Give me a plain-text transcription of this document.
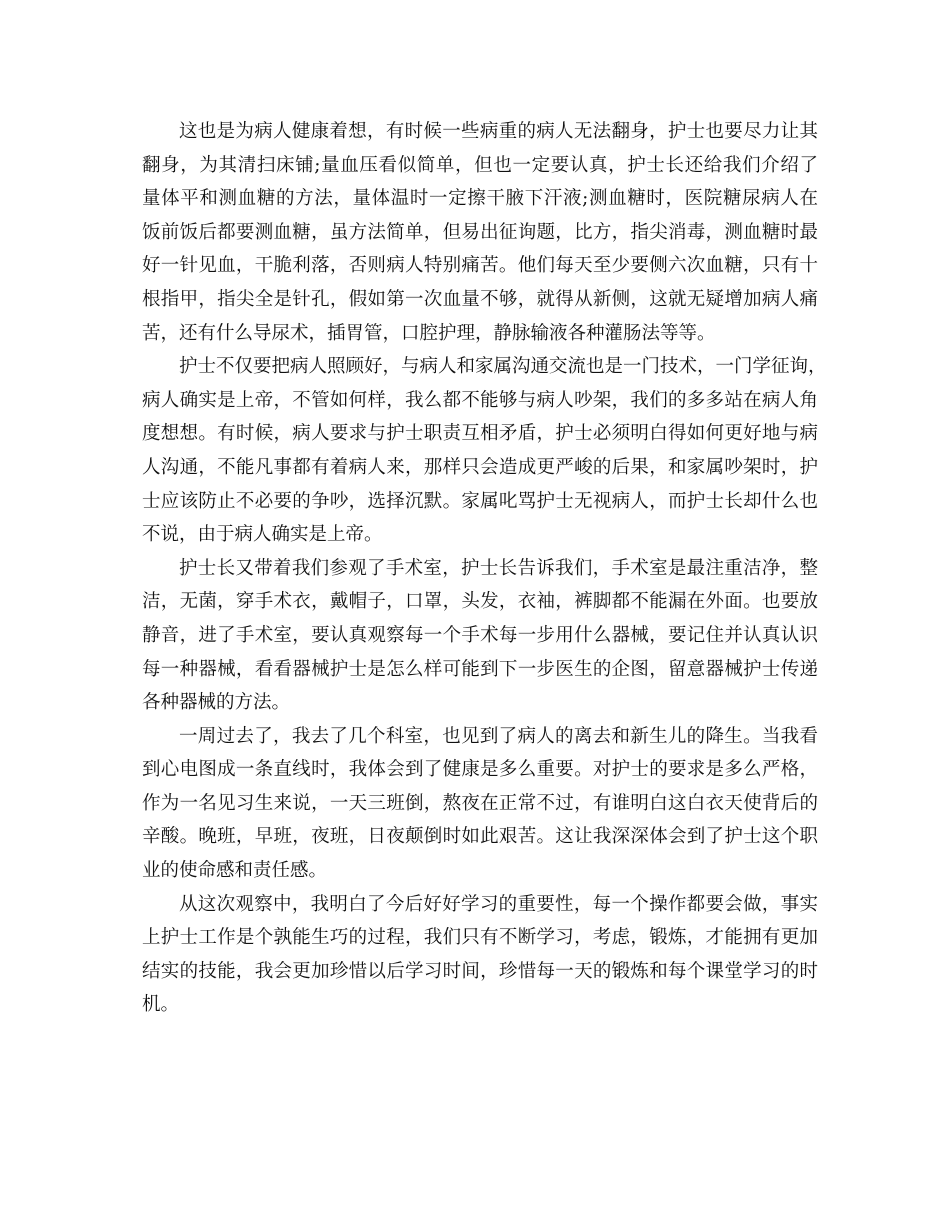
这也是为病人健康着想，有时候一些病重的病人无法翻身，护士也要尽力让其
翻身，为其清扫床铺;量血压看似简单，但也一定要认真，护士长还给我们介绍了
量体平和测血糖的方法，量体温时一定擦干腋下汗液;测血糖时，医院糖尿病人在
饭前饭后都要测血糖，虽方法简单，但易出征询题，比方，指尖消毒，测血糖时最
好一针见血，干脆利落，否则病人特别痛苦。他们每天至少要侧六次血糖，只有十
根指甲，指尖全是针孔，假如第一次血量不够，就得从新侧，这就无疑增加病人痛
苦，还有什么导尿术，插胃管，口腔护理，静脉输液各种灌肠法等等。
护士不仅要把病人照顾好，与病人和家属沟通交流也是一门技术，一门学征询，
病人确实是上帝，不管如何样，我么都不能够与病人吵架，我们的多多站在病人角
度想想。有时候，病人要求与护士职责互相矛盾，护士必须明白得如何更好地与病
人沟通，不能凡事都有着病人来，那样只会造成更严峻的后果，和家属吵架时，护
士应该防止不必要的争吵，选择沉默。家属叱骂护士无视病人，而护士长却什么也
不说，由于病人确实是上帝。
护士长又带着我们参观了手术室，护士长告诉我们，手术室是最注重洁净，整
洁，无菌，穿手术衣，戴帽子，口罩，头发，衣袖，裤脚都不能漏在外面。也要放
静音，进了手术室，要认真观察每一个手术每一步用什么器械，要记住并认真认识
每一种器械，看看器械护士是怎么样可能到下一步医生的企图，留意器械护士传递
各种器械的方法。
一周过去了，我去了几个科室，也见到了病人的离去和新生儿的降生。当我看
到心电图成一条直线时，我体会到了健康是多么重要。对护士的要求是多么严格，
作为一名见习生来说，一天三班倒，熬夜在正常不过，有谁明白这白衣天使背后的
辛酸。晚班，早班，夜班，日夜颠倒时如此艰苦。这让我深深体会到了护士这个职
业的使命感和责任感。
从这次观察中，我明白了今后好好学习的重要性，每一个操作都要会做，事实
上护士工作是个孰能生巧的过程，我们只有不断学习，考虑，锻炼，才能拥有更加
结实的技能，我会更加珍惜以后学习时间，珍惜每一天的锻炼和每个课堂学习的时
机。
